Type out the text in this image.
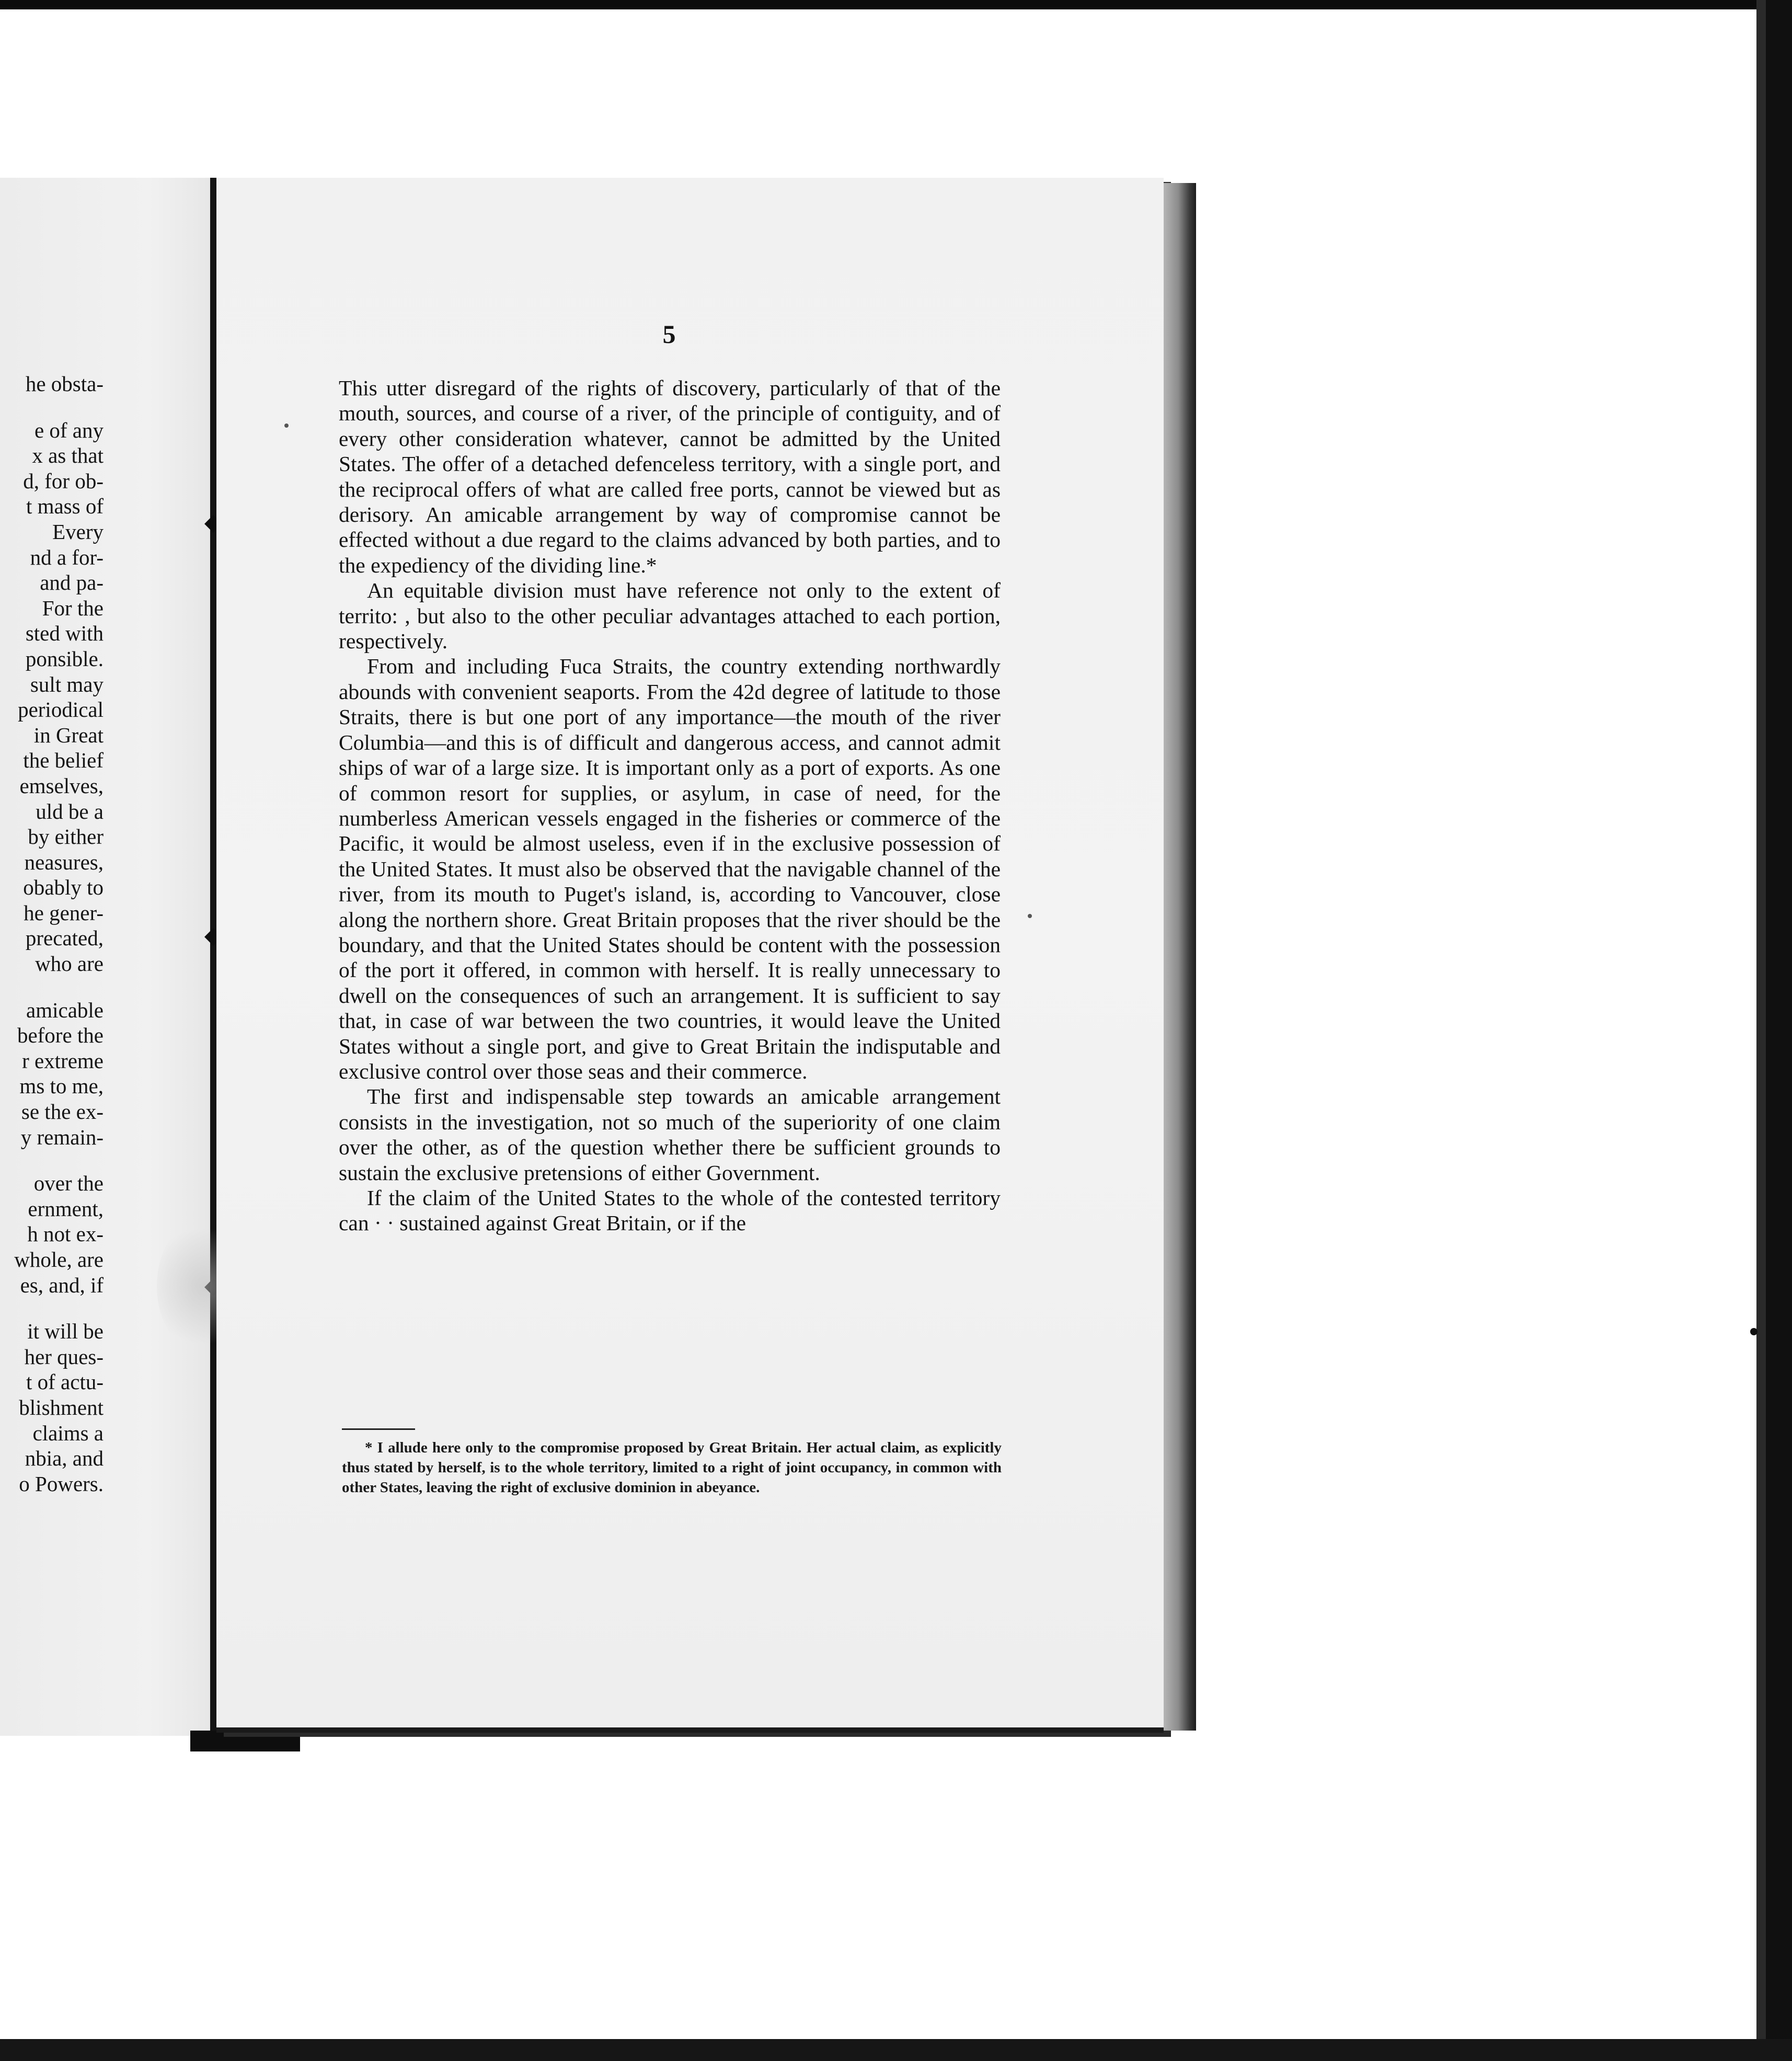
he obsta-
e of any
x as that
d, for ob-
t mass of
Every
nd a for-
and pa-
For the
sted with
ponsible.
sult may
periodical
in Great
the belief
emselves,
uld be a
by either
neasures,
obably to
he gener-
precated,
who are
amicable
before the
r extreme
ms to me,
se the ex-
y remain-
over the
ernment,
h not ex-
whole, are
es, and, if
it will be
her ques-
t of actu-
blishment
claims a
nbia, and
o Powers.
5

This utter disregard of the rights of discovery, particularly of that of the mouth, sources, and course of a river, of the principle of contiguity, and of every other consideration whatever, cannot be admitted by the United States. The offer of a detached defenceless territory, with a single port, and the reciprocal offers of what are called free ports, cannot be viewed but as derisory. An amicable arrangement by way of compromise cannot be effected without a due regard to the claims advanced by both parties, and to the expediency of the dividing line.*

An equitable division must have reference not only to the extent of territo: , but also to the other peculiar advantages attached to each portion, respectively.

From and including Fuca Straits, the country extending northwardly abounds with convenient seaports. From the 42d degree of latitude to those Straits, there is but one port of any importance—the mouth of the river Columbia—and this is of difficult and dangerous access, and cannot admit ships of war of a large size. It is important only as a port of exports. As one of common resort for supplies, or asylum, in case of need, for the numberless American vessels engaged in the fisheries or commerce of the Pacific, it would be almost useless, even if in the exclusive possession of the United States. It must also be observed that the navigable channel of the river, from its mouth to Puget's island, is, according to Vancouver, close along the northern shore. Great Britain proposes that the river should be the boundary, and that the United States should be content with the possession of the port it offered, in common with herself. It is really unnecessary to dwell on the consequences of such an arrangement. It is sufficient to say that, in case of war between the two countries, it would leave the United States without a single port, and give to Great Britain the indisputable and exclusive control over those seas and their commerce.

The first and indispensable step towards an amicable arrangement consists in the investigation, not so much of the superiority of one claim over the other, as of the question whether there be sufficient grounds to sustain the exclusive pretensions of either Government.

If the claim of the United States to the whole of the contested territory can · · sustained against Great Britain, or if the

* I allude here only to the compromise proposed by Great Britain. Her actual claim, as explicitly thus stated by herself, is to the whole territory, limited to a right of joint occupancy, in common with other States, leaving the right of exclusive dominion in abeyance.
